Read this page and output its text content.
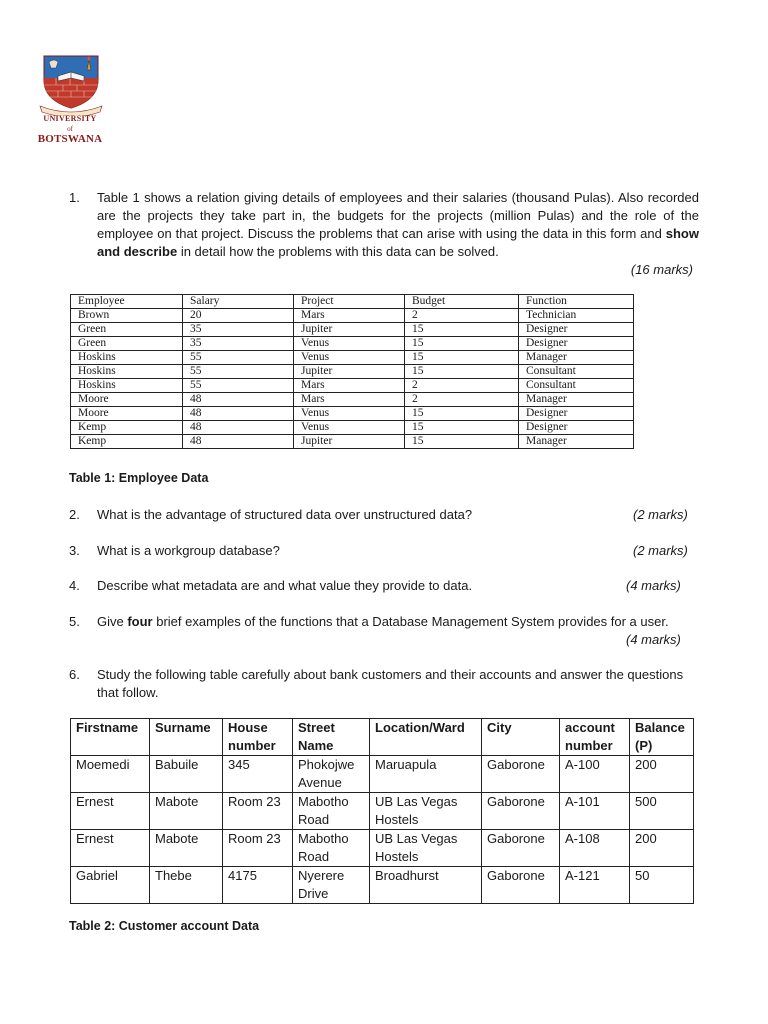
UNIVERSITY
of
BOTSWANA
1.	Table 1 shows a relation giving details of employees and their salaries (thousand Pulas). Also recorded are the projects they take part in, the budgets for the projects (million Pulas) and the role of the employee on that project. Discuss the problems that can arise with using the data in this form and show and describe in detail how the problems with this data can be solved.
(16 marks)
Employee	Salary	Project	Budget	Function
Brown	20	Mars	2	Technician
Green	35	Jupiter	15	Designer
Green	35	Venus	15	Designer
Hoskins	55	Venus	15	Manager
Hoskins	55	Jupiter	15	Consultant
Hoskins	55	Mars	2	Consultant
Moore	48	Mars	2	Manager
Moore	48	Venus	15	Designer
Kemp	48	Venus	15	Designer
Kemp	48	Jupiter	15	Manager
Table 1: Employee Data
2.	What is the advantage of structured data over unstructured data?	(2 marks)
3.	What is a workgroup database?	(2 marks)
4.	Describe what metadata are and what value they provide to data.	(4 marks)
5.	Give four brief examples of the functions that a Database Management System provides for a user.
(4 marks)
6.	Study the following table carefully about bank customers and their accounts and answer the questions that follow.
Firstname	Surname	House number	Street Name	Location/Ward	City	account number	Balance (P)
Moemedi	Babuile	345	Phokojwe Avenue	Maruapula	Gaborone	A-100	200
Ernest	Mabote	Room 23	Mabotho Road	UB Las Vegas Hostels	Gaborone	A-101	500
Ernest	Mabote	Room 23	Mabotho Road	UB Las Vegas Hostels	Gaborone	A-108	200
Gabriel	Thebe	4175	Nyerere Drive	Broadhurst	Gaborone	A-121	50
Table 2: Customer account Data
